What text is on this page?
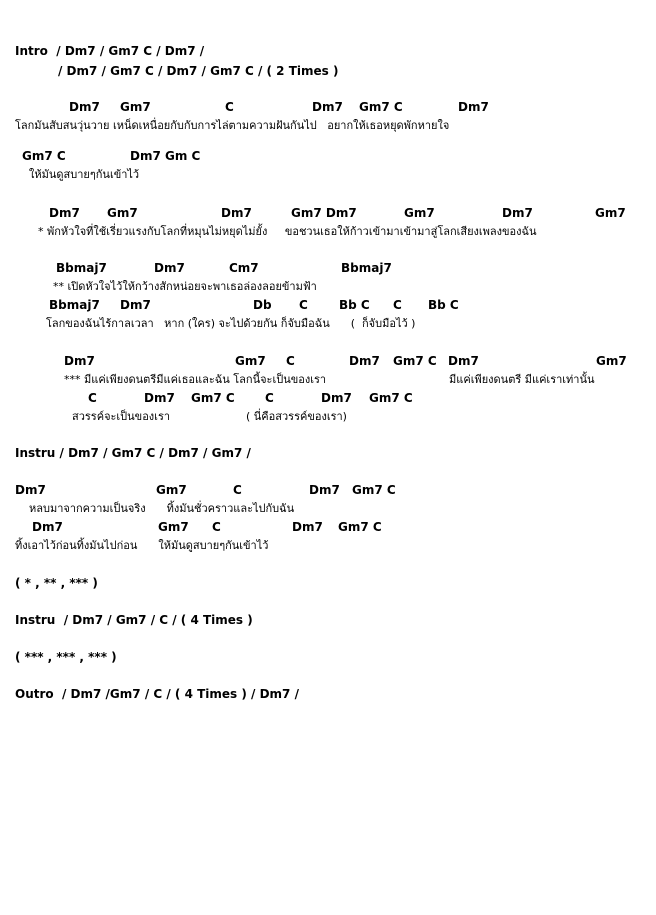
Intro  / Dm7 / Gm7 C / Dm7 /
/ Dm7 / Gm7 C / Dm7 / Gm7 C / ( 2 Times )
Dm7 Gm7	C	Dm7 Gm7 C	Dm7
โลกมันสับสนวุ่นวาย เหน็ดเหนื่อยกับกับการไล่ตามความฝันกันไป   อยากให้เธอหยุดพักหายใจ
Gm7 C	Dm7 Gm C
ให้มันดูสบายๆกันเข้าไว้
Dm7 Gm7	Dm7	Gm7 Dm7	Gm7	Dm7	Gm7
* พักหัวใจที่ใช้เรี่ยวแรงกับโลกที่หมุนไม่หยุดไม่ยั้ง     ขอชวนเธอให้ก้าวเข้ามาเข้ามาสู่โลกเสียงเพลงของฉัน
Bbmaj7	Dm7	Cm7	Bbmaj7
** เปิดหัวใจไว้ให้กว้างสักหน่อยจะพาเธอล่องลอยข้ามฟ้า
Bbmaj7 Dm7	Db C	Bb C C Bb C
โลกของฉันไร้กาลเวลา   หาก (ใคร) จะไปด้วยกัน ก็จับมือฉัน      (  ก็จับมือไว้ )
Dm7	Gm7 C	Dm7 Gm7 C Dm7	Gm7
*** มีแค่เพียงดนตรีมีแค่เธอและฉัน โลกนี้จะเป็นของเรา	มีแค่เพียงดนตรี มีแค่เราเท่านั้น
C	Dm7 Gm7 C	C	Dm7 Gm7 C
สวรรค์จะเป็นของเรา	( นี่คือสวรรค์ของเรา)
Instru / Dm7 / Gm7 C / Dm7 / Gm7 /
Dm7	Gm7	C	Dm7 Gm7 C
หลบมาจากความเป็นจริง      ทิ้งมันชั่วคราวและไปกับฉัน
Dm7	Gm7 C	Dm7 Gm7 C
ทิ้งเอาไว้ก่อนทิ้งมันไปก่อน      ให้มันดูสบายๆกันเข้าไว้
( * , ** , *** )
Instru  / Dm7 / Gm7 / C / ( 4 Times )
( *** , *** , *** )
Outro  / Dm7 /Gm7 / C / ( 4 Times ) / Dm7 /
